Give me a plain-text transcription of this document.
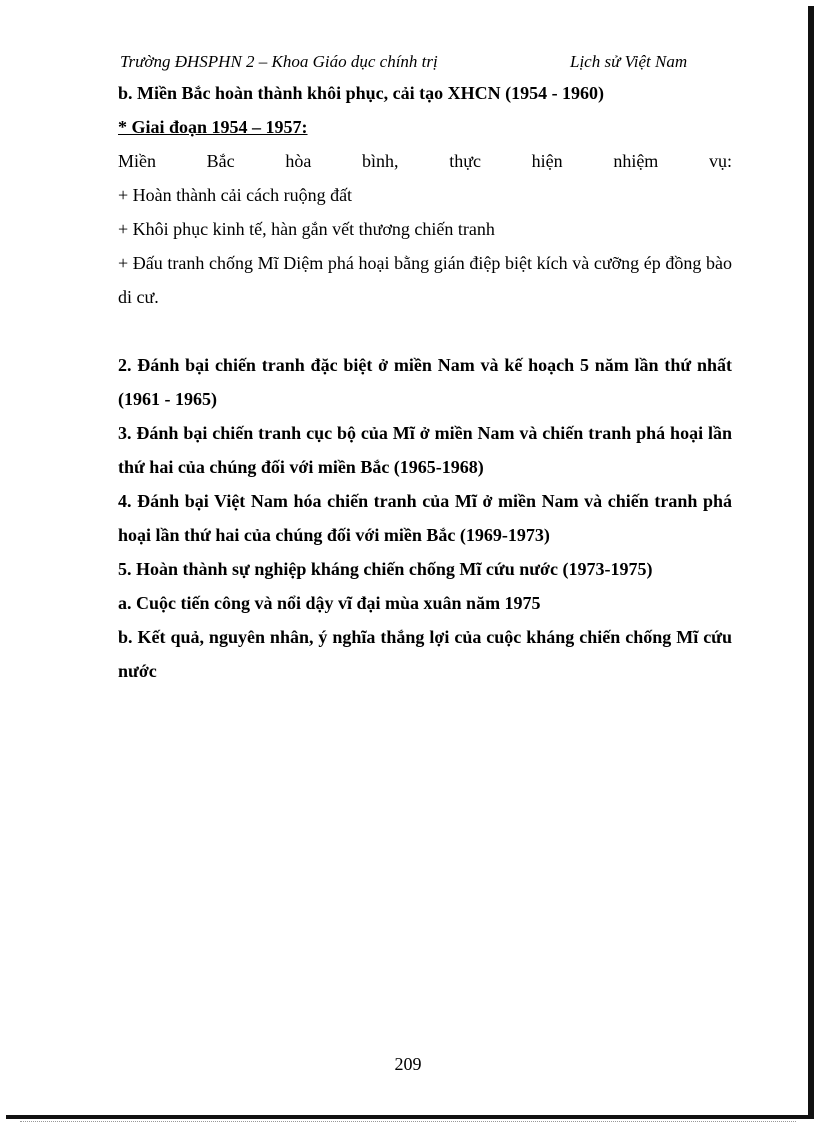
Trường ĐHSPHN 2 – Khoa Giáo dục chính trị	Lịch sử Việt Nam

b. Miền Bắc hoàn thành khôi phục, cải tạo XHCN (1954 - 1960)

* Giai đoạn 1954 – 1957:

Miền Bắc hòa bình, thực hiện nhiệm vụ:

+ Hoàn thành cải cách ruộng đất

+ Khôi phục kinh tế, hàn gắn vết thương chiến tranh

+ Đấu tranh chống Mĩ Diệm phá hoại bằng gián điệp biệt kích và cưỡng ép đồng bào di cư.

2. Đánh bại chiến tranh đặc biệt ở miền Nam và kế hoạch 5 năm lần thứ nhất (1961 - 1965)

3. Đánh bại chiến tranh cục bộ của Mĩ ở miền Nam và chiến tranh phá hoại lần thứ hai của chúng đối với miền Bắc (1965-1968)

4. Đánh bại Việt Nam hóa chiến tranh của Mĩ ở miền Nam và chiến tranh phá hoại lần thứ hai của chúng đối với miền Bắc (1969-1973)

5. Hoàn thành sự nghiệp kháng chiến chống Mĩ cứu nước (1973-1975)

a. Cuộc tiến công và nổi dậy vĩ đại mùa xuân năm 1975

b. Kết quả, nguyên nhân, ý nghĩa thắng lợi của cuộc kháng chiến chống Mĩ cứu nước

209
